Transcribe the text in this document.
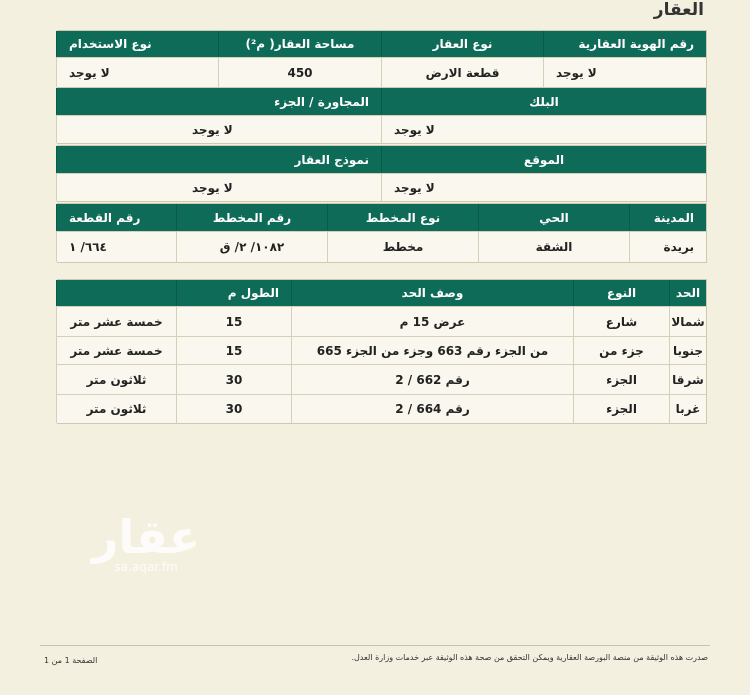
العقار
رقم الهوية العقارية
نوع العقار
مساحة العقار( م²)
نوع الاستخدام
لا يوجد
قطعة الارض
450
لا يوجد
البلك
المجاورة / الجزء
لا يوجد
لا يوجد
الموقع
نموذج العقار
لا يوجد
لا يوجد
المدينة
الحي
نوع المخطط
رقم المخطط
رقم القطعة
بريدة
الشقة
مخطط
١٠٨٢/ ٢/ ق
٦٦٤/ ١
الحد
النوع
وصف الحد
الطول م
شمالا
شارع
عرض 15 م
15
خمسة عشر متر
جنوبا
جزء من
من الجزء رقم 663 وجزء من الجزء 665
15
خمسة عشر متر
شرقا
الجزء
رقم 662 / 2
30
ثلاثون متر
غربا
الجزء
رقم 664 / 2
30
ثلاثون متر
عقار
sa.aqar.fm
صدرت هذه الوثيقة من منصة البورصة العقارية ويمكن التحقق من صحة هذه الوثيقة عبر خدمات وزارة العدل.
الصفحة 1 من 1
